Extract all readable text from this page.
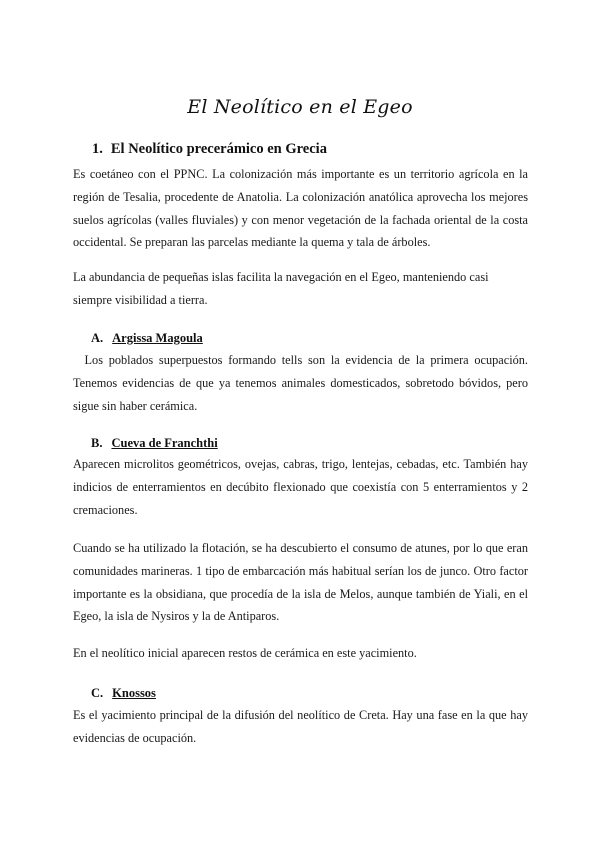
El Neolítico en el Egeo
1. El Neolítico precerámico en Grecia

Es coetáneo con el PPNC. La colonización más importante es un territorio agrícola en la región de Tesalia, procedente de Anatolia. La colonización anatólica aprovecha los mejores suelos agrícolas (valles fluviales) y con menor vegetación de la fachada oriental de la costa occidental. Se preparan las parcelas mediante la quema y tala de árboles.

La abundancia de pequeñas islas facilita la navegación en el Egeo, manteniendo casi siempre visibilidad a tierra.

A. Argissa Magoula

Los poblados superpuestos formando tells son la evidencia de la primera ocupación. Tenemos evidencias de que ya tenemos animales domesticados, sobretodo bóvidos, pero sigue sin haber cerámica.

B. Cueva de Franchthi

Aparecen microlitos geométricos, ovejas, cabras, trigo, lentejas, cebadas, etc. También hay indicios de enterramientos en decúbito flexionado que coexistía con 5 enterramientos y 2 cremaciones.

Cuando se ha utilizado la flotación, se ha descubierto el consumo de atunes, por lo que eran comunidades marineras. 1 tipo de embarcación más habitual serían los de junco. Otro factor importante es la obsidiana, que procedía de la isla de Melos, aunque también de Yiali, en el Egeo, la isla de Nysiros y la de Antiparos.

En el neolítico inicial aparecen restos de cerámica en este yacimiento.

C. Knossos

Es el yacimiento principal de la difusión del neolítico de Creta. Hay una fase en la que hay evidencias de ocupación.
